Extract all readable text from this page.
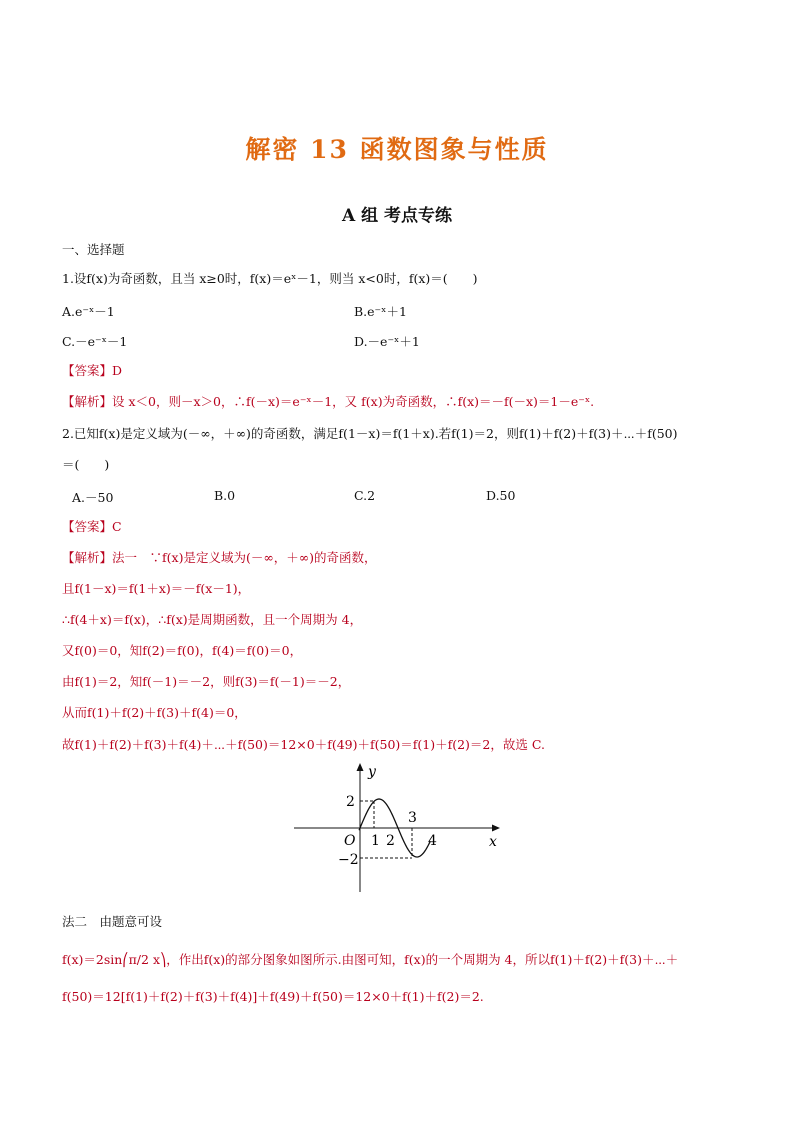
解密 13 函数图象与性质
A 组 考点专练
一、选择题
1.设f(x)为奇函数，且当 x≥0时，f(x)＝eˣ－1，则当 x<0时，f(x)＝(　　)
A.e⁻ˣ－1	B.e⁻ˣ＋1
C.－e⁻ˣ－1	D.－e⁻ˣ＋1
【答案】D
【解析】设 x＜0，则－x＞0，∴f(－x)＝e⁻ˣ－1，又 f(x)为奇函数，∴f(x)＝－f(－x)＝1－e⁻ˣ.
2.已知f(x)是定义域为(－∞，＋∞)的奇函数，满足f(1－x)＝f(1＋x).若f(1)＝2，则f(1)＋f(2)＋f(3)＋⋯＋f(50)
＝(　　)
A.－50	B.0	C.2	D.50
【答案】C
【解析】法一　∵f(x)是定义域为(－∞，＋∞)的奇函数，
且f(1－x)＝f(1＋x)＝－f(x－1)，
∴f(4＋x)＝f(x)，∴f(x)是周期函数，且一个周期为 4，
又f(0)＝0，知f(2)＝f(0)，f(4)＝f(0)＝0，
由f(1)＝2，知f(－1)＝－2，则f(3)＝f(－1)＝－2，
从而f(1)＋f(2)＋f(3)＋f(4)＝0，
故f(1)＋f(2)＋f(3)＋f(4)＋⋯＋f(50)＝12×0＋f(49)＋f(50)＝f(1)＋f(2)＝2，故选 C.
y
x
O
2
−2
1 2
3
4
法二　由题意可设
f(x)＝2sin⎛π/2 x⎞，作出f(x)的部分图象如图所示.由图可知，f(x)的一个周期为 4，所以f(1)＋f(2)＋f(3)＋⋯＋
f(50)＝12[f(1)＋f(2)＋f(3)＋f(4)]＋f(49)＋f(50)＝12×0＋f(1)＋f(2)＝2.
